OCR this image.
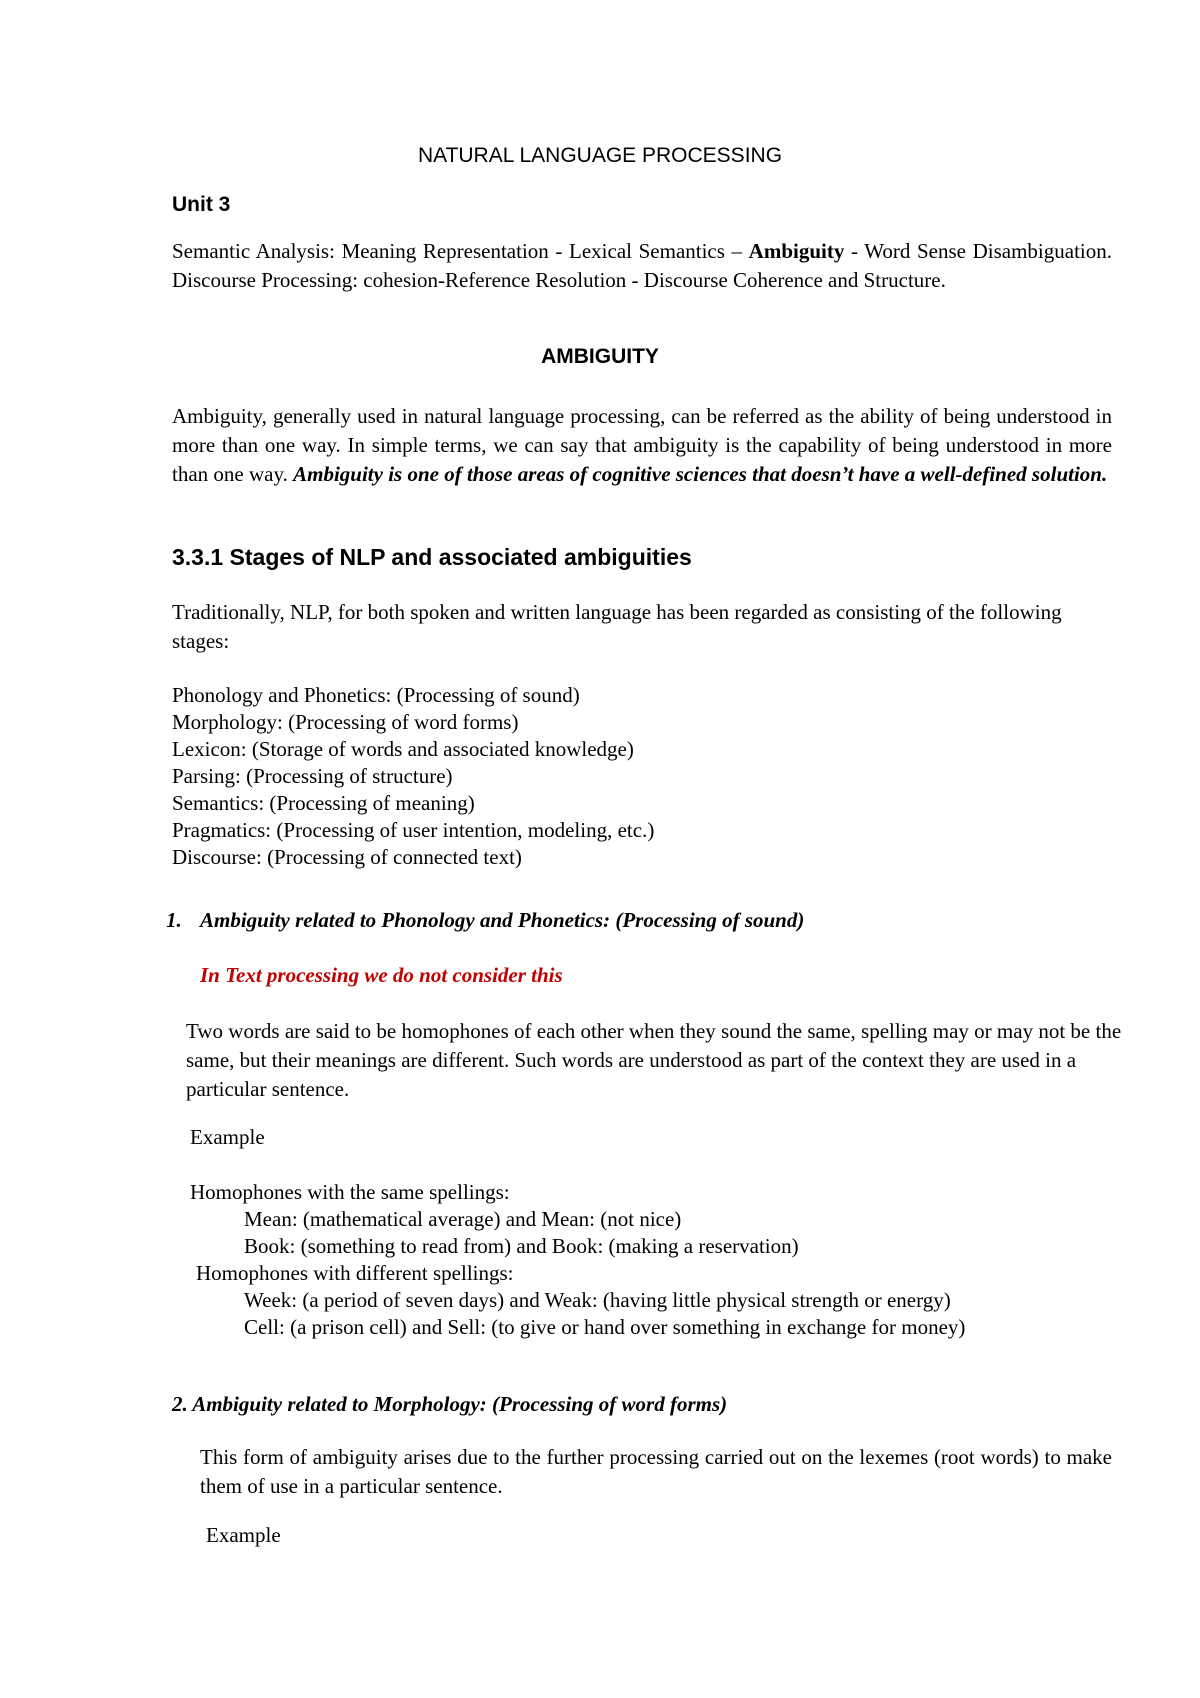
NATURAL LANGUAGE PROCESSING
Unit 3

Semantic Analysis: Meaning Representation - Lexical Semantics – Ambiguity - Word Sense Disambiguation. Discourse Processing: cohesion-Reference Resolution - Discourse Coherence and Structure.

AMBIGUITY

Ambiguity, generally used in natural language processing, can be referred as the ability of being understood in more than one way. In simple terms, we can say that ambiguity is the capability of being understood in more than one way. Ambiguity is one of those areas of cognitive sciences that doesn’t have a well-defined solution.

3.3.1 Stages of NLP and associated ambiguities

Traditionally, NLP, for both spoken and written language has been regarded as consisting of the following stages:

Phonology and Phonetics: (Processing of sound)
Morphology: (Processing of word forms)
Lexicon: (Storage of words and associated knowledge)
Parsing: (Processing of structure)
Semantics: (Processing of meaning)
Pragmatics: (Processing of user intention, modeling, etc.)
Discourse: (Processing of connected text)
1. Ambiguity related to Phonology and Phonetics: (Processing of sound)
In Text processing we do not consider this

Two words are said to be homophones of each other when they sound the same, spelling may or may not be the same, but their meanings are different. Such words are understood as part of the context they are used in a particular sentence.

Example
Homophones with the same spellings:
Mean: (mathematical average) and Mean: (not nice)
Book: (something to read from) and Book: (making a reservation)
Homophones with different spellings:
Week: (a period of seven days) and Weak: (having little physical strength or energy)
Cell: (a prison cell) and Sell: (to give or hand over something in exchange for money)
2. Ambiguity related to Morphology: (Processing of word forms)

This form of ambiguity arises due to the further processing carried out on the lexemes (root words) to make them of use in a particular sentence.

Example
